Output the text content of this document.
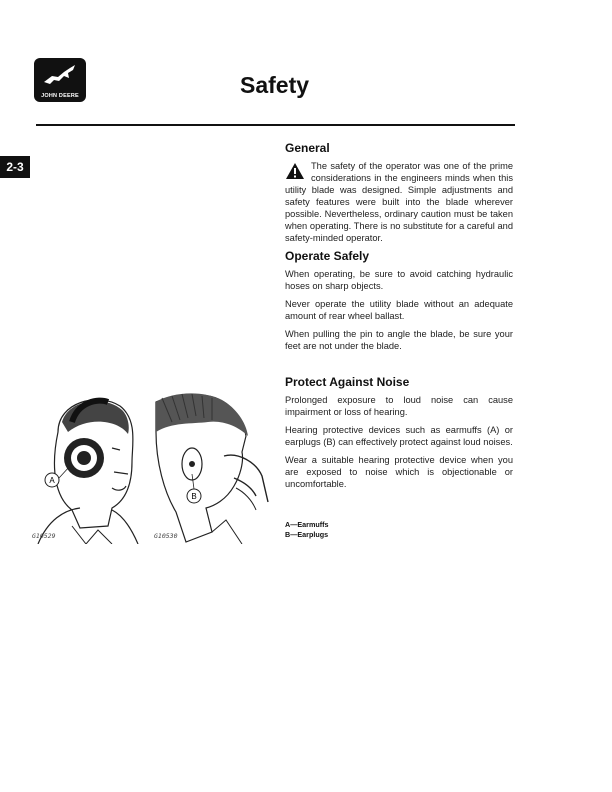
JOHN DEERE	Safety
2-3
General

The safety of the operator was one of the prime considerations in the engineers minds when this utility blade was designed. Simple adjustments and safety features were built into the blade wherever possible. Nevertheless, ordinary caution must be taken when operating. There is no substitute for a careful and safety-minded operator.

Operate Safely

When operating, be sure to avoid catching hydraulic hoses on sharp objects.

Never operate the utility blade without an adequate amount of rear wheel ballast.

When pulling the pin to angle the blade, be sure your feet are not under the blade.

Protect Against Noise

Prolonged exposure to loud noise can cause impairment or loss of hearing.

Hearing protective devices such as earmuffs (A) or earplugs (B) can effectively protect against loud noises.

Wear a suitable hearing protective device when you are exposed to noise which is objectionable or uncomfortable.

A—Earmuffs
B—Earplugs
A
G10529
B
G10530
